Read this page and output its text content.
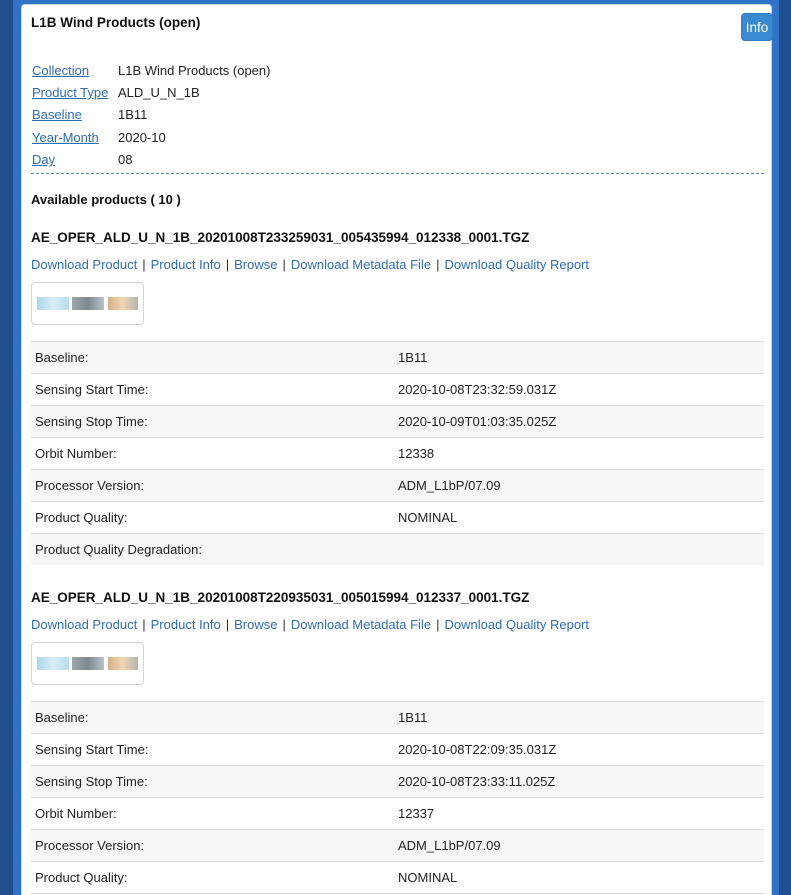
L1B Wind Products (open)	Info
Collection	L1B Wind Products (open)
Product Type ALD_U_N_1B
Baseline	1B11
Year-Month	2020-10
Day	08
Available products ( 10 )
AE_OPER_ALD_U_N_1B_20201008T233259031_005435994_012338_0001.TGZ
Download Product | Product Info | Browse | Download Metadata File | Download Quality Report
Baseline:	1B11
Sensing Start Time:	2020-10-08T23:32:59.031Z
Sensing Stop Time:	2020-10-09T01:03:35.025Z
Orbit Number:	12338
Processor Version:	ADM_L1bP/07.09
Product Quality:	NOMINAL
Product Quality Degradation:
AE_OPER_ALD_U_N_1B_20201008T220935031_005015994_012337_0001.TGZ
Download Product | Product Info | Browse | Download Metadata File | Download Quality Report
Baseline:	1B11
Sensing Start Time:	2020-10-08T22:09:35.031Z
Sensing Stop Time:	2020-10-08T23:33:11.025Z
Orbit Number:	12337
Processor Version:	ADM_L1bP/07.09
Product Quality:	NOMINAL
